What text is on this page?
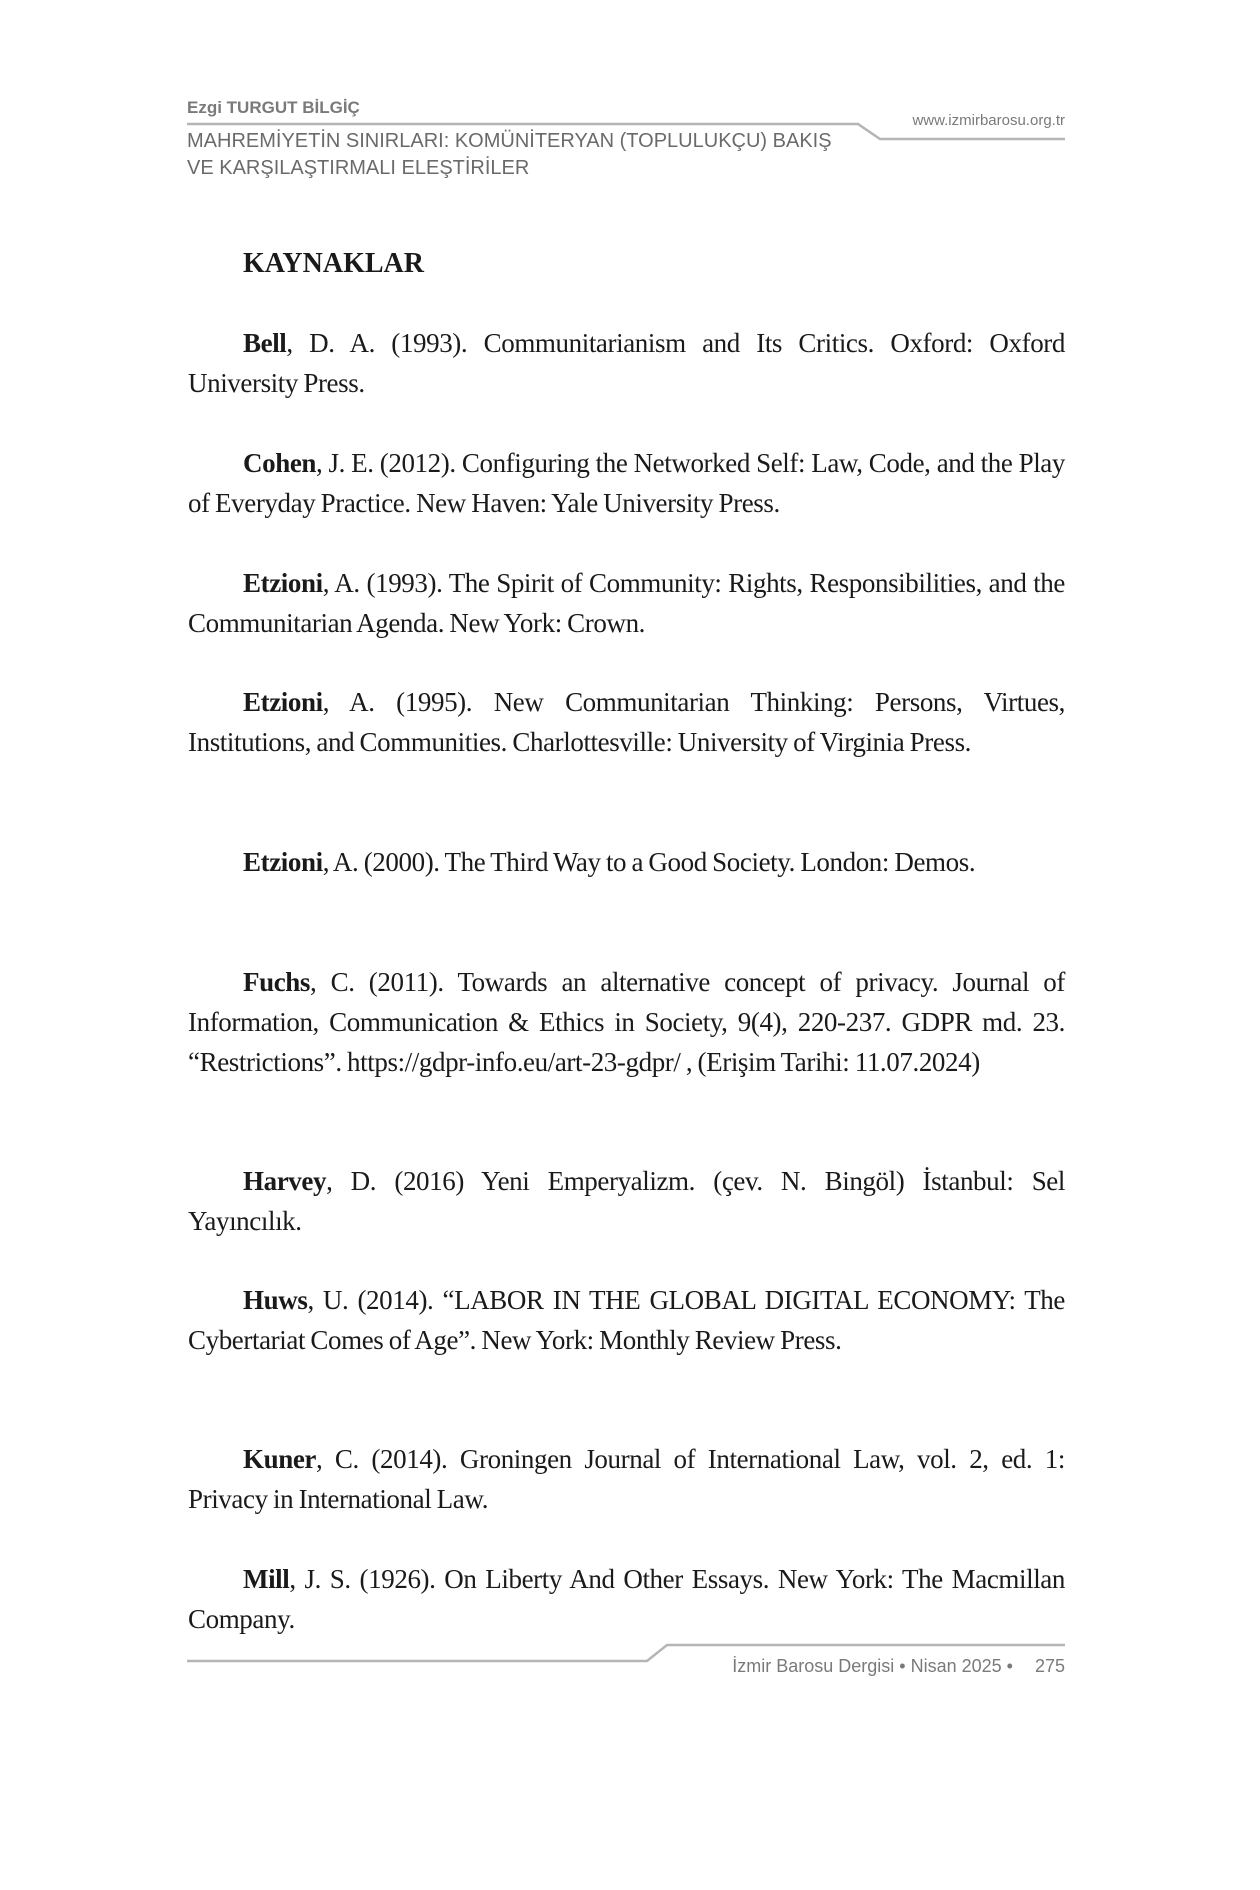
Ezgi TURGUT BİLGİÇ
www.izmirbarosu.org.tr
MAHREMİYETİN SINIRLARI: KOMÜNİTERYAN (TOPLULUKÇU) BAKIŞ
VE KARŞILAŞTIRMALI ELEŞTİRİLER
KAYNAKLAR
Bell, D. A. (1993). Communitarianism and Its Critics. Oxford: Oxford University Press.
Cohen, J. E. (2012). Configuring the Networked Self: Law, Code, and the Play of Everyday Practice. New Haven: Yale University Press.
Etzioni, A. (1993). The Spirit of Community: Rights, Responsibilities, and the Communitarian Agenda. New York: Crown.
Etzioni, A. (1995). New Communitarian Thinking: Persons, Virtues, Institutions, and Communities. Charlottesville: University of Virginia Press.
Etzioni, A. (2000). The Third Way to a Good Society. London: Demos.
Fuchs, C. (2011). Towards an alternative concept of privacy. Journal of Information, Communication & Ethics in Society, 9(4), 220-237. GDPR md. 23. “Restrictions”. https://gdpr-info.eu/art-23-gdpr/ , (Erişim Tarihi: 11.07.2024)
Harvey, D. (2016) Yeni Emperyalizm. (çev. N. Bingöl) İstanbul: Sel Yayıncılık.
Huws, U. (2014). “LABOR IN THE GLOBAL DIGITAL ECONOMY: The Cybertariat Comes of Age”. New York: Monthly Review Press.
Kuner, C. (2014). Groningen Journal of International Law, vol. 2, ed. 1: Privacy in International Law.
Mill, J. S. (1926). On Liberty And Other Essays. New York: The Macmillan Company.
İzmir Barosu Dergisi • Nisan 2025 • 275
